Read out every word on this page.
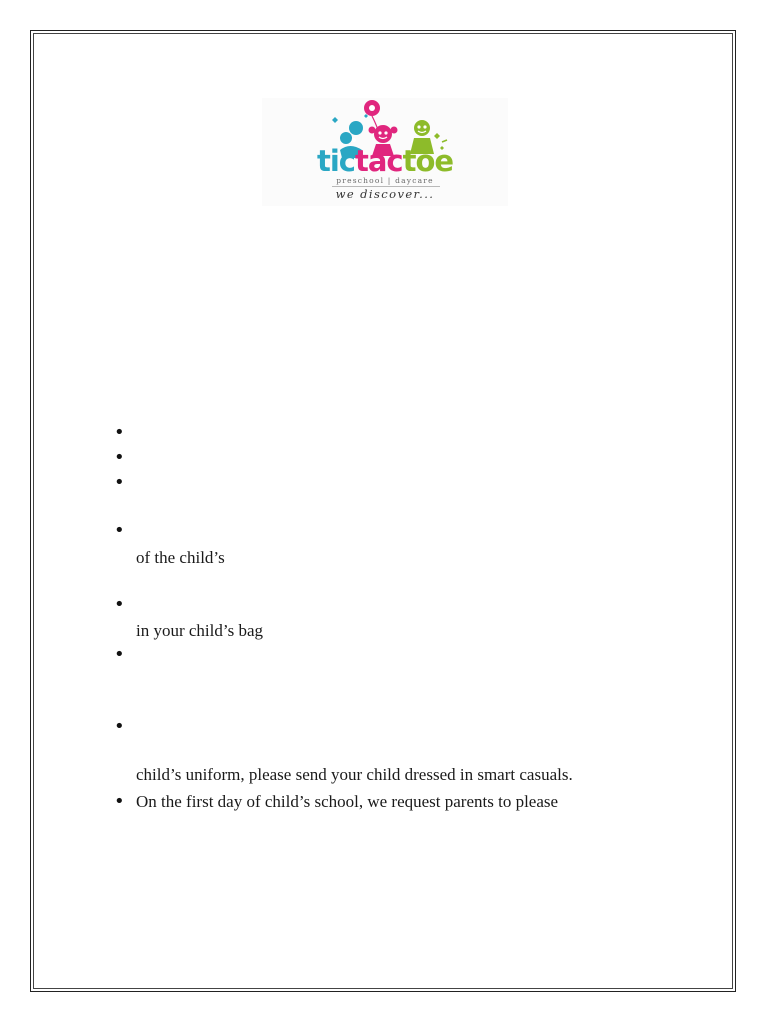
tictactoe
preschool | daycare
we discover...
•
•
•
•
of the child’s
•
in your child’s bag
•
•
child’s uniform, please send your child dressed in smart casuals.
• On the first day of child’s school, we request parents to please
